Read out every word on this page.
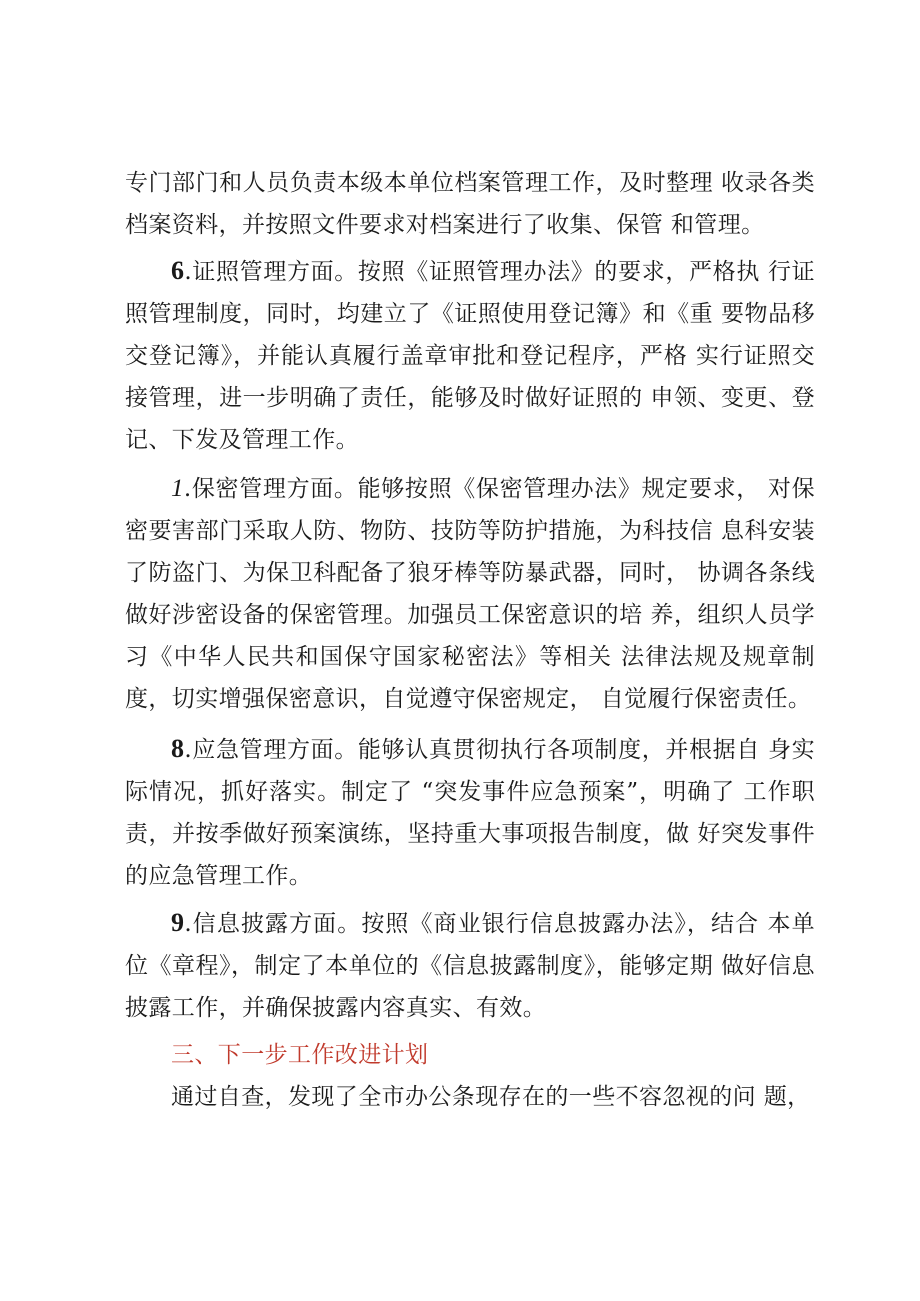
专门部门和人员负责本级本单位档案管理工作，及时整理 收录各类档案资料，并按照文件要求对档案进行了收集、保管 和管理。

6.证照管理方面。按照《证照管理办法》的要求，严格执 行证照管理制度，同时，均建立了《证照使用登记簿》和《重 要物品移交登记簿》，并能认真履行盖章审批和登记程序，严格 实行证照交接管理，进一步明确了责任，能够及时做好证照的 申领、变更、登记、下发及管理工作。

1.保密管理方面。能够按照《保密管理办法》规定要求， 对保密要害部门采取人防、物防、技防等防护措施，为科技信 息科安装了防盗门、为保卫科配备了狼牙棒等防暴武器，同时， 协调各条线做好涉密设备的保密管理。加强员工保密意识的培 养，组织人员学习《中华人民共和国保守国家秘密法》等相关 法律法规及规章制度，切实增强保密意识，自觉遵守保密规定， 自觉履行保密责任。

8.应急管理方面。能够认真贯彻执行各项制度，并根据自 身实际情况，抓好落实。制定了 “突发事件应急预案”，明确了 工作职责，并按季做好预案演练，坚持重大事项报告制度，做 好突发事件的应急管理工作。

9.信息披露方面。按照《商业银行信息披露办法》，结合 本单位《章程》，制定了本单位的《信息披露制度》，能够定期 做好信息披露工作，并确保披露内容真实、有效。

三、下一步工作改进计划

通过自查，发现了全市办公条现存在的一些不容忽视的问 题，
